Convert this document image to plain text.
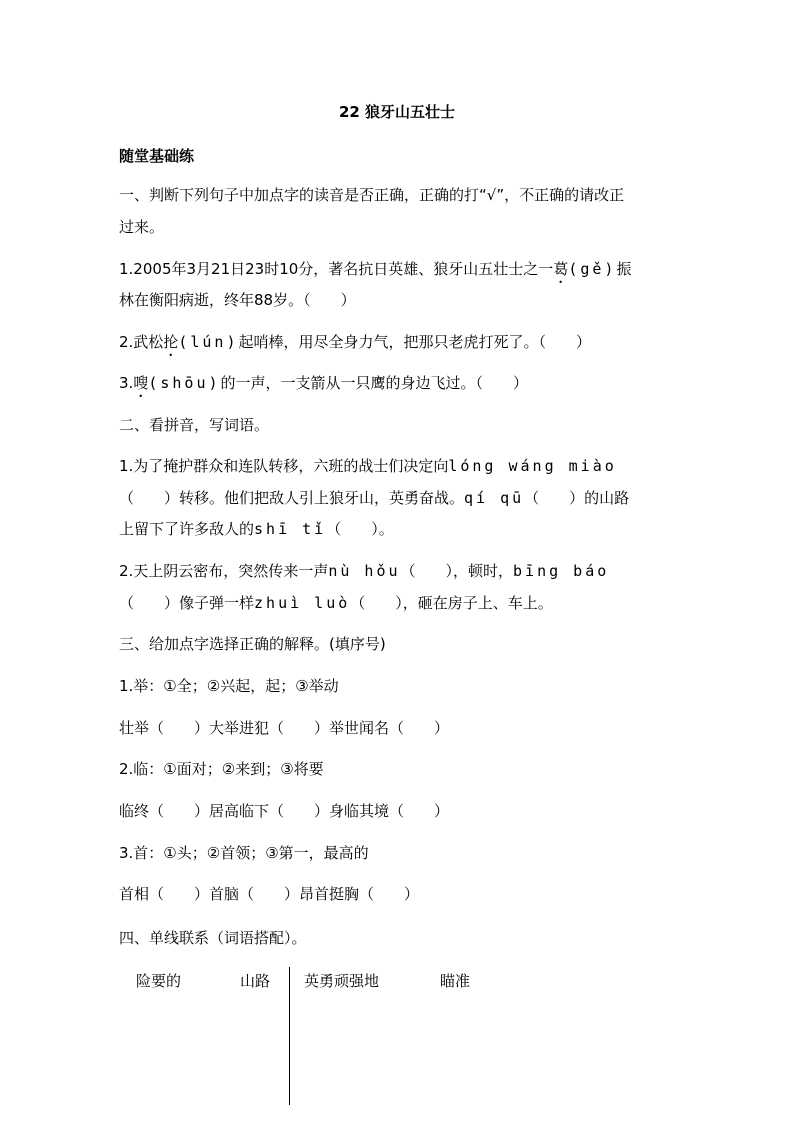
22 狼牙山五壮士
随堂基础练
一、判断下列句子中加点字的读音是否正确，正确的打“√”，不正确的请改正
过来。
1.2005年3月21日23时10分，著名抗日英雄、狼牙山五壮士之一葛(gě)振
林在衡阳病逝，终年88岁。（　　）
2.武松抡(lún)起哨棒，用尽全身力气，把那只老虎打死了。（　　）
3.嗖(shōu)的一声，一支箭从一只鹰的身边飞过。（　　）
二、看拼音，写词语。
1.为了掩护群众和连队转移，六班的战士们决定向lóng wáng miào
（　　）转移。他们把敌人引上狼牙山，英勇奋战。qí qū（　　）的山路
上留下了许多敌人的shī tǐ（　　）。
2.天上阴云密布，突然传来一声nù hǒu（　　），顿时，bīng báo
（　　）像子弹一样zhuì luò（　　），砸在房子上、车上。
三、给加点字选择正确的解释。(填序号)
1.举：①全；②兴起，起；③举动
壮举（　　）大举进犯（　　）举世闻名（　　）
2.临：①面对；②来到；③将要
临终（　　）居高临下（　　）身临其境（　　）
3.首：①头；②首领；③第一，最高的
首相（　　）首脑（　　）昂首挺胸（　　）
四、单线联系（词语搭配）。
险要的	山路 英勇顽强地	瞄准
